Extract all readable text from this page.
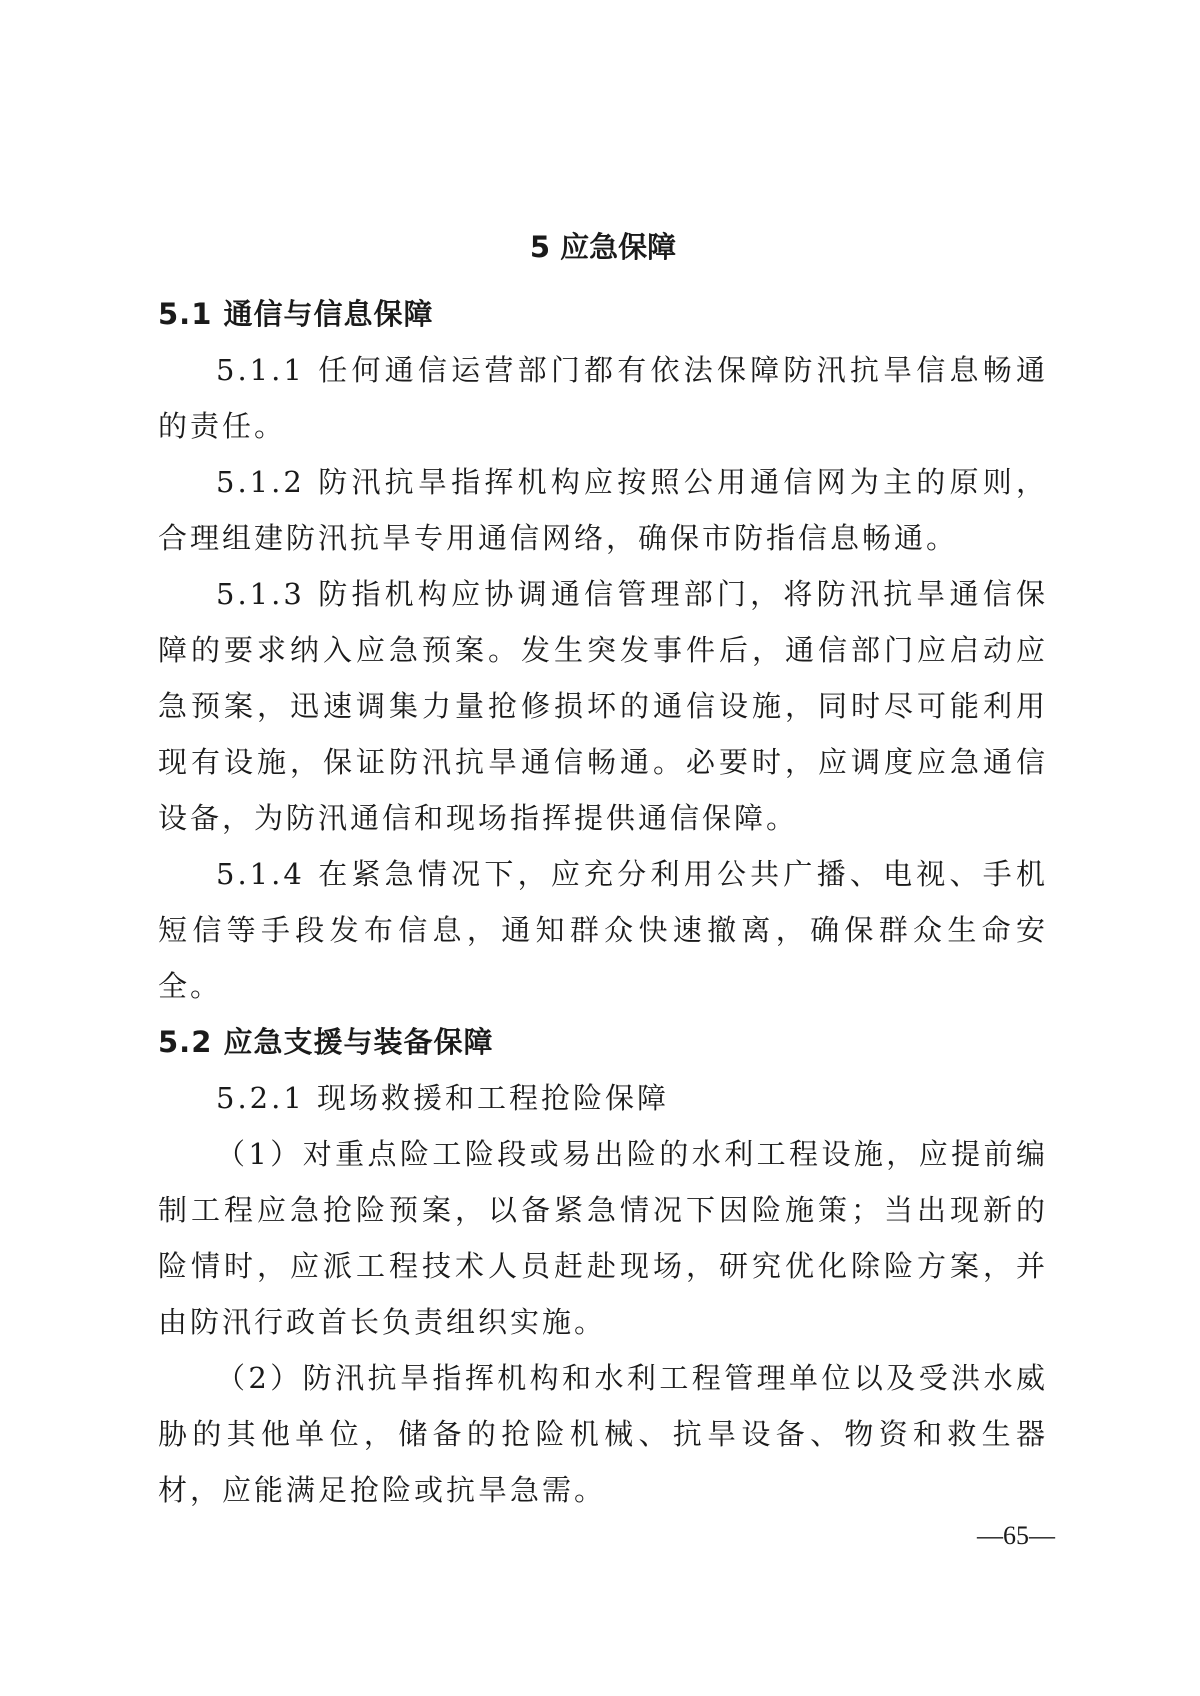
5 应急保障
5.1 通信与信息保障

5.1.1 任何通信运营部门都有依法保障防汛抗旱信息畅通的责任。

5.1.2 防汛抗旱指挥机构应按照公用通信网为主的原则，合理组建防汛抗旱专用通信网络，确保市防指信息畅通。

5.1.3 防指机构应协调通信管理部门，将防汛抗旱通信保障的要求纳入应急预案。发生突发事件后，通信部门应启动应急预案，迅速调集力量抢修损坏的通信设施，同时尽可能利用现有设施，保证防汛抗旱通信畅通。必要时，应调度应急通信设备，为防汛通信和现场指挥提供通信保障。

5.1.4 在紧急情况下，应充分利用公共广播、电视、手机短信等手段发布信息，通知群众快速撤离，确保群众生命安全。

5.2 应急支援与装备保障

5.2.1 现场救援和工程抢险保障

（1）对重点险工险段或易出险的水利工程设施，应提前编制工程应急抢险预案，以备紧急情况下因险施策；当出现新的险情时，应派工程技术人员赶赴现场，研究优化除险方案，并由防汛行政首长负责组织实施。

（2）防汛抗旱指挥机构和水利工程管理单位以及受洪水威胁的其他单位，储备的抢险机械、抗旱设备、物资和救生器材，应能满足抢险或抗旱急需。

—65—
